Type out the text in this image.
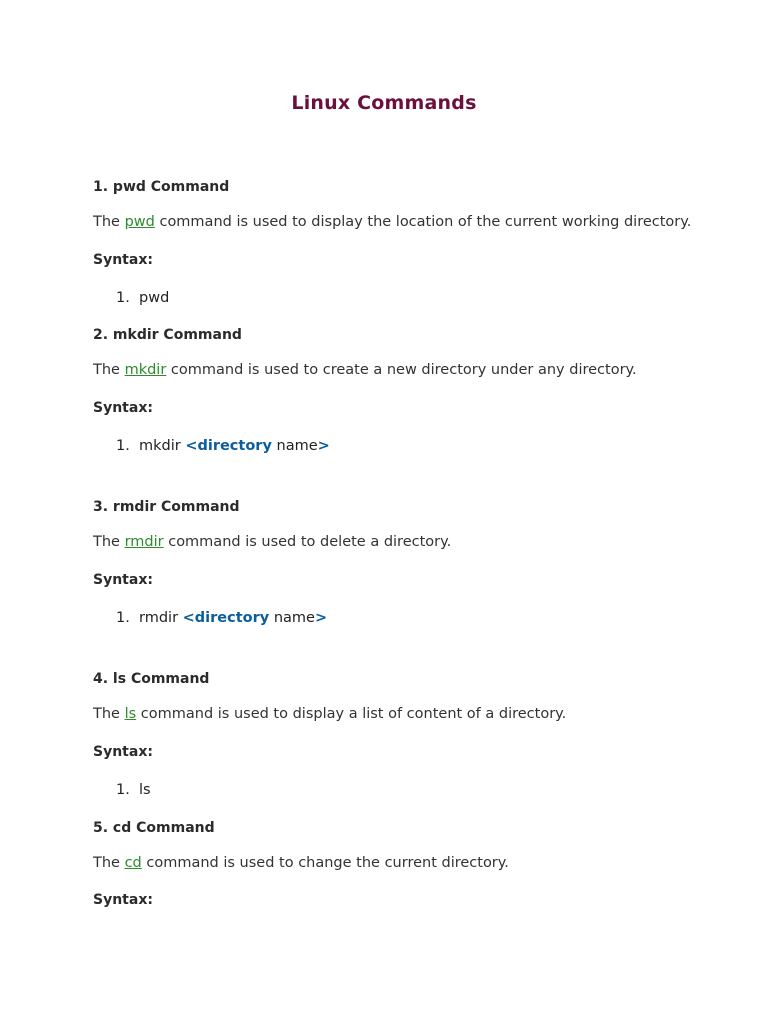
Linux Commands
1. pwd Command
The pwd command is used to display the location of the current working directory.
Syntax:
1. pwd
2. mkdir Command
The mkdir command is used to create a new directory under any directory.
Syntax:
1. mkdir <directory name>
3. rmdir Command
The rmdir command is used to delete a directory.
Syntax:
1. rmdir <directory name>
4. ls Command
The ls command is used to display a list of content of a directory.
Syntax:
1. ls
5. cd Command
The cd command is used to change the current directory.
Syntax:
